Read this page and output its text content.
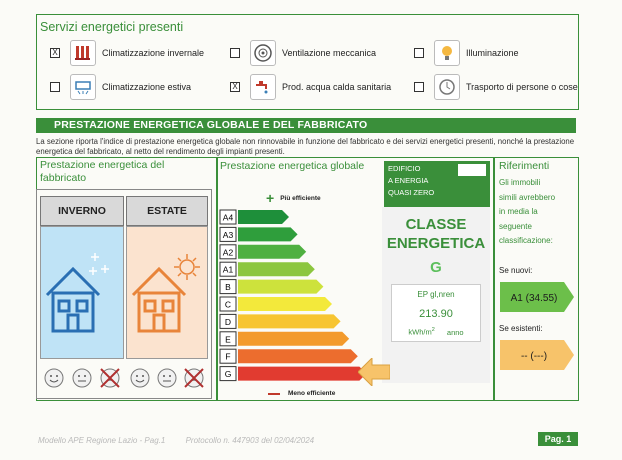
Servizi energetici presenti
X	Climatizzazione invernale	Ventilazione meccanica	Illuminazione
Climatizzazione estiva	X	Prod. acqua calda sanitaria	Trasporto di persone o cose
PRESTAZIONE ENERGETICA GLOBALE E DEL FABBRICATO
La sezione riporta l'indice di prestazione energetica globale non rinnovabile in funzione del fabbricato e dei servizi energetici presenti, nonché la prestazione energetica del fabbricato, al netto del rendimento degli impianti presenti.
Prestazione energetica del
fabbricato
INVERNO	ESTATE
Prestazione energetica globale
+ Più efficiente
A4
A3
A2
A1
B
C
D
E
F
G
Meno efficiente
EDIFICIO
A ENERGIA
QUASI ZERO
CLASSE
ENERGETICA
G
EP gl,nren
213.90
kWh/$m^2$ anno
Riferimenti
Gli immobili
simili avrebbero
in media la
seguente
classificazione:
Se nuovi:
A1 (34.55)
Se esistenti:
-- (---)
Modello APE Regione Lazio - Pag.1	Protocollo n. 447903 del 02/04/2024	Pag. 1
